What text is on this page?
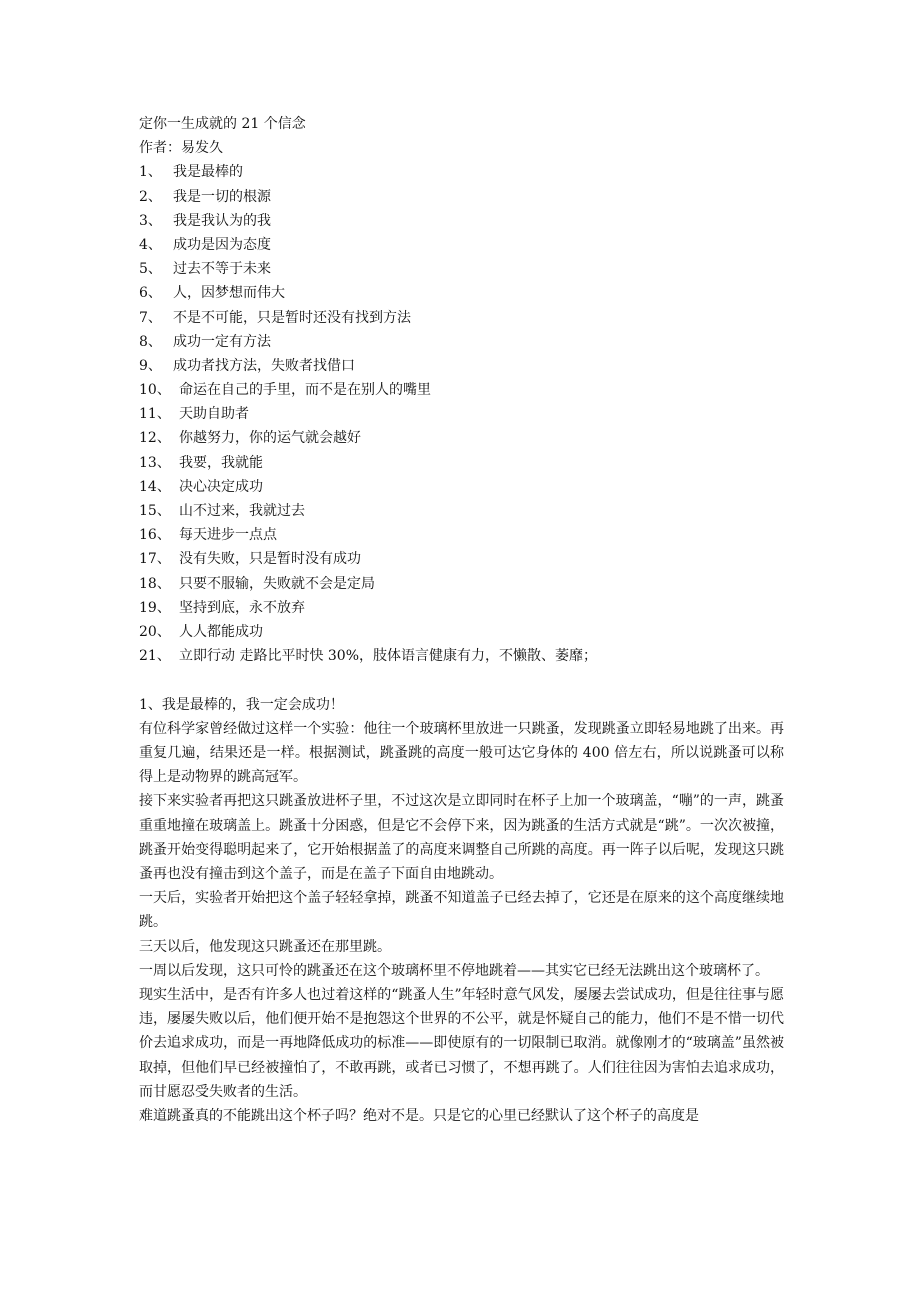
定你一生成就的 21 个信念

作者：易发久

1、 我是最棒的
2、 我是一切的根源
3、 我是我认为的我
4、 成功是因为态度
5、 过去不等于未来
6、 人，因梦想而伟大
7、 不是不可能，只是暂时还没有找到方法
8、 成功一定有方法
9、 成功者找方法，失败者找借口
10、 命运在自己的手里，而不是在别人的嘴里
11、 天助自助者
12、 你越努力，你的运气就会越好
13、 我要，我就能
14、 决心决定成功
15、 山不过来，我就过去
16、 每天进步一点点
17、 没有失败，只是暂时没有成功
18、 只要不服输，失败就不会是定局
19、 坚持到底，永不放弃
20、 人人都能成功
21、 立即行动 走路比平时快 30%，肢体语言健康有力，不懒散、萎靡；

1、我是最棒的，我一定会成功！

有位科学家曾经做过这样一个实验：他往一个玻璃杯里放进一只跳蚤，发现跳蚤立即轻易地跳了出来。再重复几遍，结果还是一样。根据测试，跳蚤跳的高度一般可达它身体的 400 倍左右，所以说跳蚤可以称得上是动物界的跳高冠军。

接下来实验者再把这只跳蚤放进杯子里，不过这次是立即同时在杯子上加一个玻璃盖，“嘣”的一声，跳蚤重重地撞在玻璃盖上。跳蚤十分困惑，但是它不会停下来，因为跳蚤的生活方式就是“跳”。一次次被撞，跳蚤开始变得聪明起来了，它开始根据盖了的高度来调整自己所跳的高度。再一阵子以后呢，发现这只跳蚤再也没有撞击到这个盖子，而是在盖子下面自由地跳动。

一天后，实验者开始把这个盖子轻轻拿掉，跳蚤不知道盖子已经去掉了，它还是在原来的这个高度继续地跳。

三天以后，他发现这只跳蚤还在那里跳。

一周以后发现，这只可怜的跳蚤还在这个玻璃杯里不停地跳着——其实它已经无法跳出这个玻璃杯了。

现实生活中，是否有许多人也过着这样的“跳蚤人生”年轻时意气风发，屡屡去尝试成功，但是往往事与愿违，屡屡失败以后，他们便开始不是抱怨这个世界的不公平，就是怀疑自己的能力，他们不是不惜一切代价去追求成功，而是一再地降低成功的标准——即使原有的一切限制已取消。就像刚才的“玻璃盖”虽然被取掉，但他们早已经被撞怕了，不敢再跳，或者已习惯了，不想再跳了。人们往往因为害怕去追求成功，而甘愿忍受失败者的生活。

难道跳蚤真的不能跳出这个杯子吗？绝对不是。只是它的心里已经默认了这个杯子的高度是
